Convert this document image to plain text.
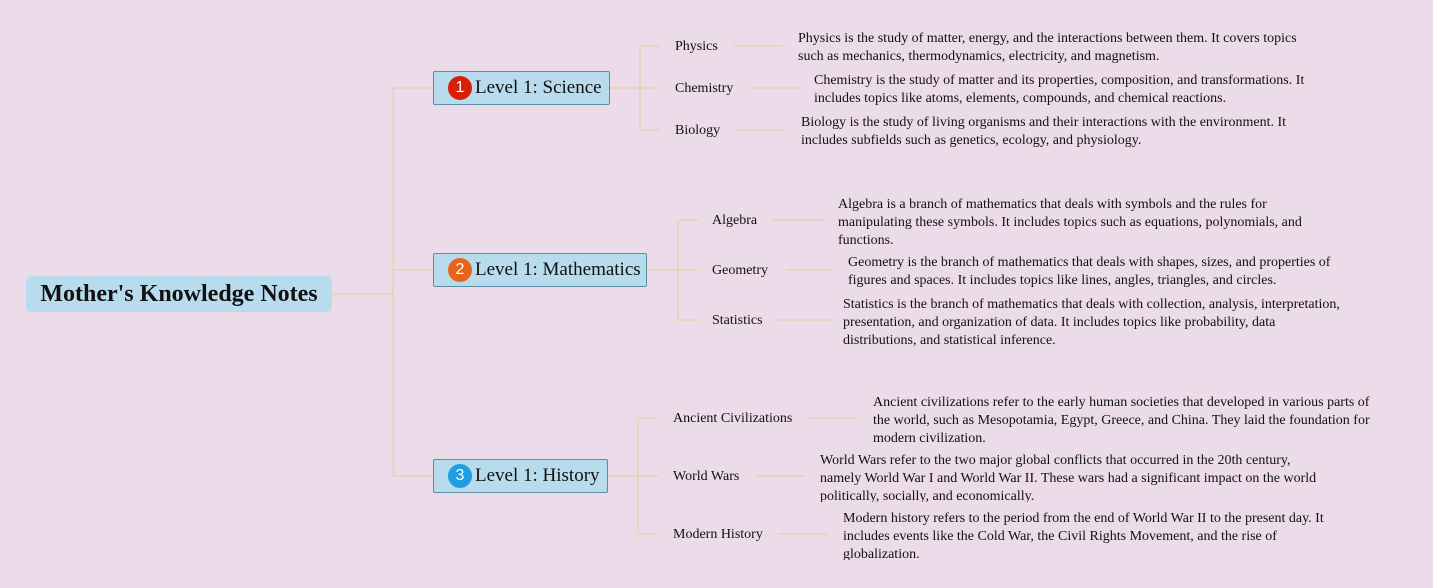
Mother's Knowledge Notes
1 Level 1: Science
Physics
Physics is the study of matter, energy, and the interactions between them. It covers topics such as mechanics, thermodynamics, electricity, and magnetism.
Chemistry
Chemistry is the study of matter and its properties, composition, and transformations. It includes topics like atoms, elements, compounds, and chemical reactions.
Biology
Biology is the study of living organisms and their interactions with the environment. It includes subfields such as genetics, ecology, and physiology.
2 Level 1: Mathematics
Algebra
Algebra is a branch of mathematics that deals with symbols and the rules for manipulating these symbols. It includes topics such as equations, polynomials, and functions.
Geometry
Geometry is the branch of mathematics that deals with shapes, sizes, and properties of figures and spaces. It includes topics like lines, angles, triangles, and circles.
Statistics
Statistics is the branch of mathematics that deals with collection, analysis, interpretation, presentation, and organization of data. It includes topics like probability, data distributions, and statistical inference.
3 Level 1: History
Ancient Civilizations
Ancient civilizations refer to the early human societies that developed in various parts of the world, such as Mesopotamia, Egypt, Greece, and China. They laid the foundation for modern civilization.
World Wars
World Wars refer to the two major global conflicts that occurred in the 20th century, namely World War I and World War II. These wars had a significant impact on the world politically, socially, and economically.
Modern History
Modern history refers to the period from the end of World War II to the present day. It includes events like the Cold War, the Civil Rights Movement, and the rise of globalization.
